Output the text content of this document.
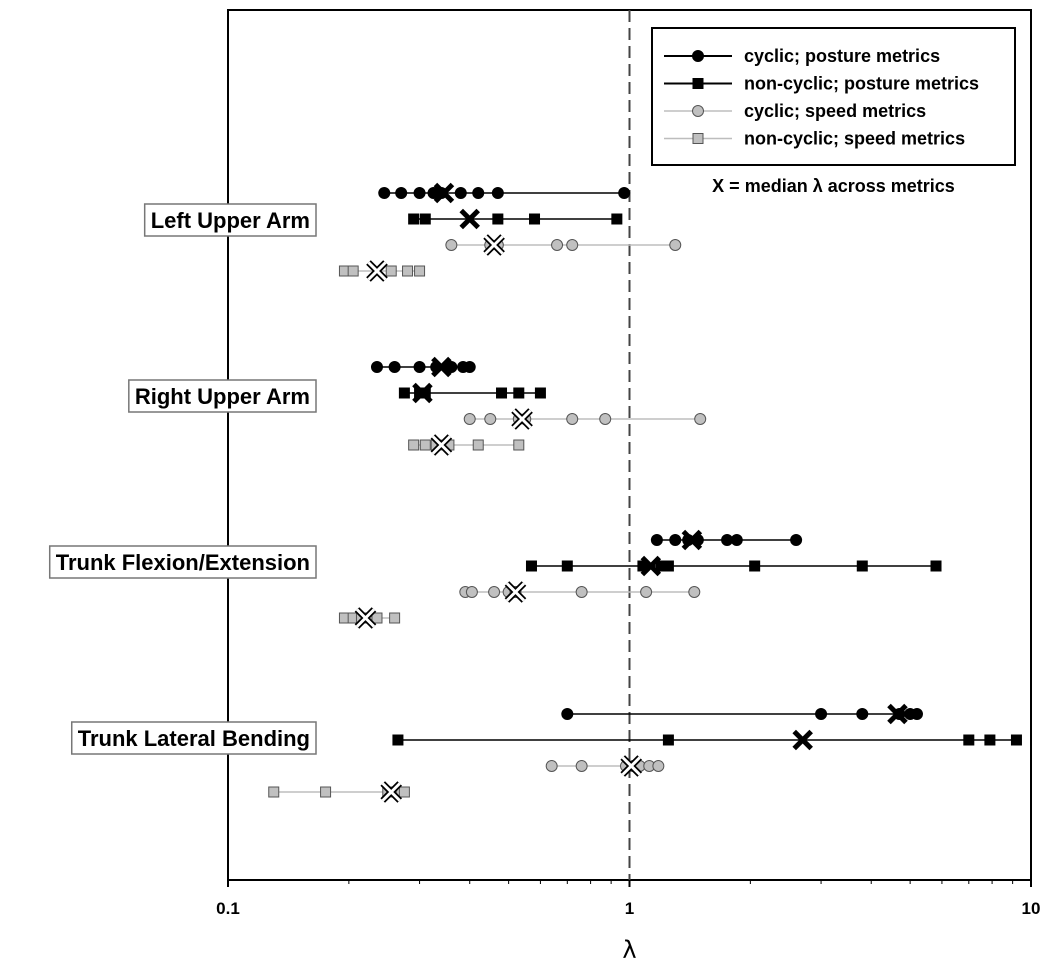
Left Upper Arm
Right Upper Arm
Trunk Flexion/Extension
Trunk Lateral Bending
0.1	1	10
λ
cyclic; posture metrics
non-cyclic; posture metrics
cyclic; speed metrics
non-cyclic; speed metrics
X = median λ across metrics
